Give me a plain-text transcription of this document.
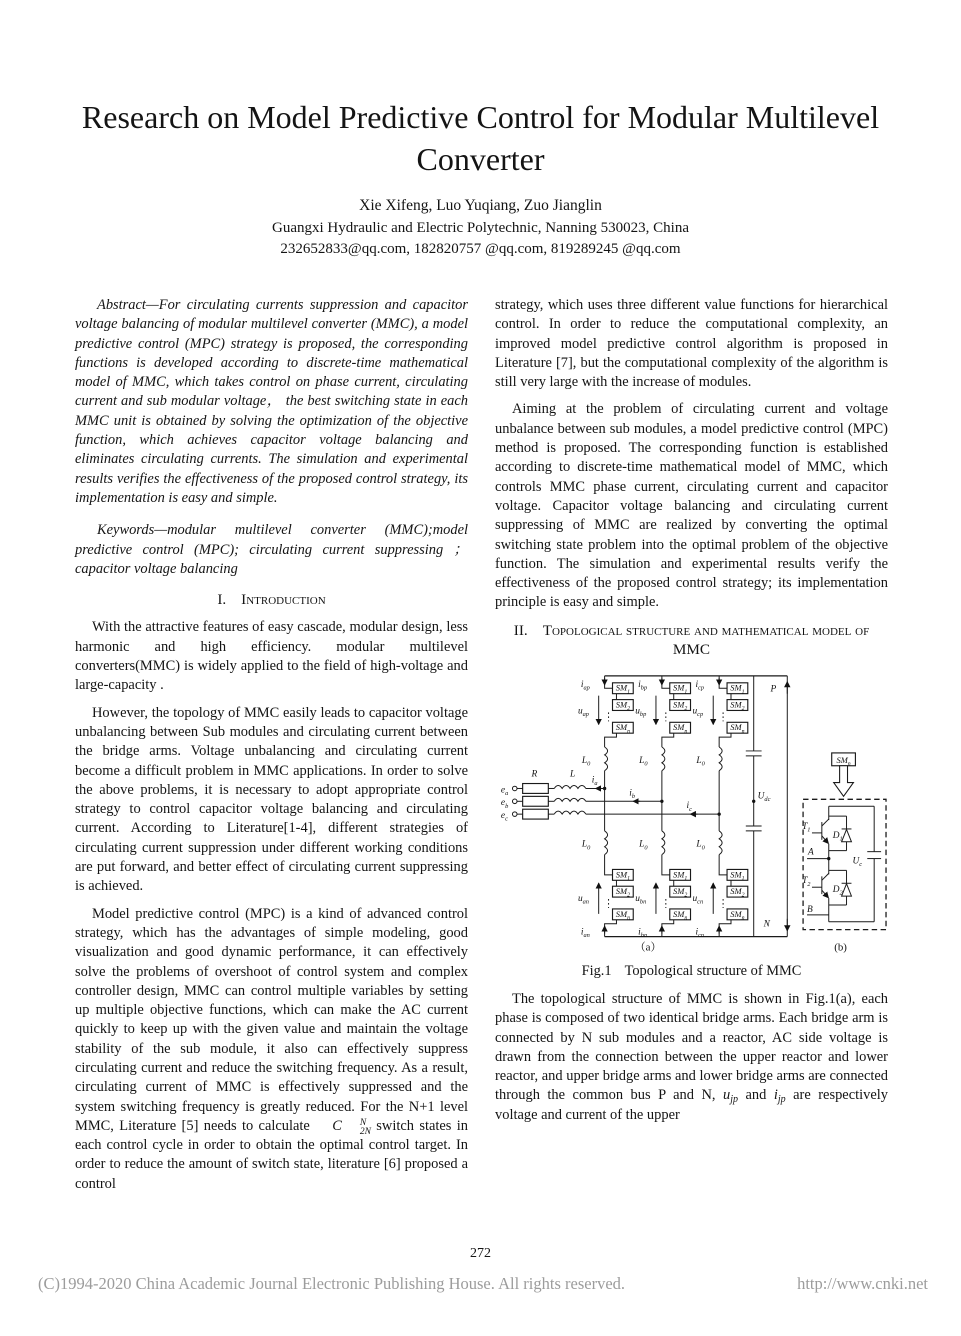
Research on Model Predictive Control for Modular Multilevel Converter
Xie Xifeng, Luo Yuqiang, Zuo Jianglin
Guangxi Hydraulic and Electric Polytechnic, Nanning 530023, China
232652833@qq.com, 182820757 @qq.com, 819289245 @qq.com

Abstract—For circulating currents suppression and capacitor voltage balancing of modular multilevel converter (MMC), a model predictive control (MPC) strategy is proposed, the corresponding functions is developed according to discrete-time mathematical model of MMC, which takes control on phase current, circulating current and sub modular voltage， the best switching state in each MMC unit is obtained by solving the optimization of the objective function, which achieves capacitor voltage balancing and eliminates circulating currents. The simulation and experimental results verifies the effectiveness of the proposed control strategy, its implementation is easy and simple.

Keywords—modular multilevel converter (MMC);model predictive control (MPC); circulating current suppressing ；capacitor voltage balancing

I. Introduction

With the attractive features of easy cascade, modular design, less harmonic and high efficiency. modular multilevel converters(MMC) is widely applied to the field of high-voltage and large-capacity .

However, the topology of MMC easily leads to capacitor voltage unbalancing between Sub modules and circulating current between the bridge arms. Voltage unbalancing and circulating current become a difficult problem in MMC applications. In order to solve the above problems, it is necessary to adopt appropriate control strategy to control capacitor voltage balancing and circulating current. According to Literature[1-4], different strategies of circulating current suppression under different working conditions are put forward, and better effect of circulating current suppressing is achieved.

Model predictive control (MPC) is a kind of advanced control strategy, which has the advantages of simple modeling, good visualization and good dynamic performance, it can effectively solve the problems of overshoot of control system and complex controller design, MMC can control multiple variables by setting up multiple objective functions, which can make the AC current quickly to keep up with the given value and maintain the voltage stability of the sub module, it also can effectively suppress circulating current and reduce the switching frequency. As a result, circulating current of MMC is effectively suppressed and the system switching frequency is greatly reduced. For the N+1 level MMC, Literature [5] needs to calculate	C	N
2N switch states in each control cycle in order to obtain the optimal control target. In order to reduce the amount of switch state, literature [6] proposed a control

strategy, which uses three different value functions for hierarchical control. In order to reduce the computational complexity, an improved model predictive control algorithm is proposed in Literature [7], but the computational complexity of the algorithm is still very large with the increase of modules.

Aiming at the problem of circulating current and voltage unbalance between sub modules, a model predictive control (MPC) method is proposed. The corresponding function is established according to discrete-time mathematical model of MMC, which controls MMC phase current, circulating current and capacitor voltage. Capacitor voltage balancing and circulating current suppressing of MMC are realized by converting the optimal switching state problem into the optimal problem of the objective function. The simulation and experimental results verify the effectiveness of the proposed control strategy; its implementation principle is easy and simple.

II. Topological structure and mathematical model of MMC
$i_{ap}$
$u_{ap}$
$L_0$
$L_0$
$u_{an}$
$i_{an}$
$SM_1$
$SM_2$
$SM_n$
$SM_1$
$SM_2$
$SM_n$
$i_{bp}$
$u_{bp}$
$L_0$
$L_0$
$u_{bn}$
$i_{bn}$
$SM_1$
$SM_2$
$SM_n$
$SM_1$
$SM_2$
$SM_n$
$i_{cp}$
$u_{cp}$
$L_0$
$L_0$
$u_{cn}$
$i_{cn}$
$SM_1$
$SM_2$
$SM_n$
$SM_1$
$SM_2$
$SM_n$
$e_a$
R	L
$i_a$
$e_b$
$i_b$
$e_c$
$i_c$
P
N
$U_{dc}$
$SM_n$
$T_1$
$D_1$
A
$T_2$
$D_2$
B
$U_c$
（a）	(b)
Fig.1 Topological structure of MMC

The topological structure of MMC is shown in Fig.1(a), each phase is composed of two identical bridge arms. Each bridge arm is connected by N sub modules and a reactor, AC side voltage is drawn from the connection between the upper reactor and lower reactor, and upper bridge arms and lower bridge arms are connected through the common bus P and N, $u_{jp}$ and $i_{jp}$ are respectively voltage and current of the upper

272
(C)1994-2020 China Academic Journal Electronic Publishing House. All rights reserved.	http://www.cnki.net
